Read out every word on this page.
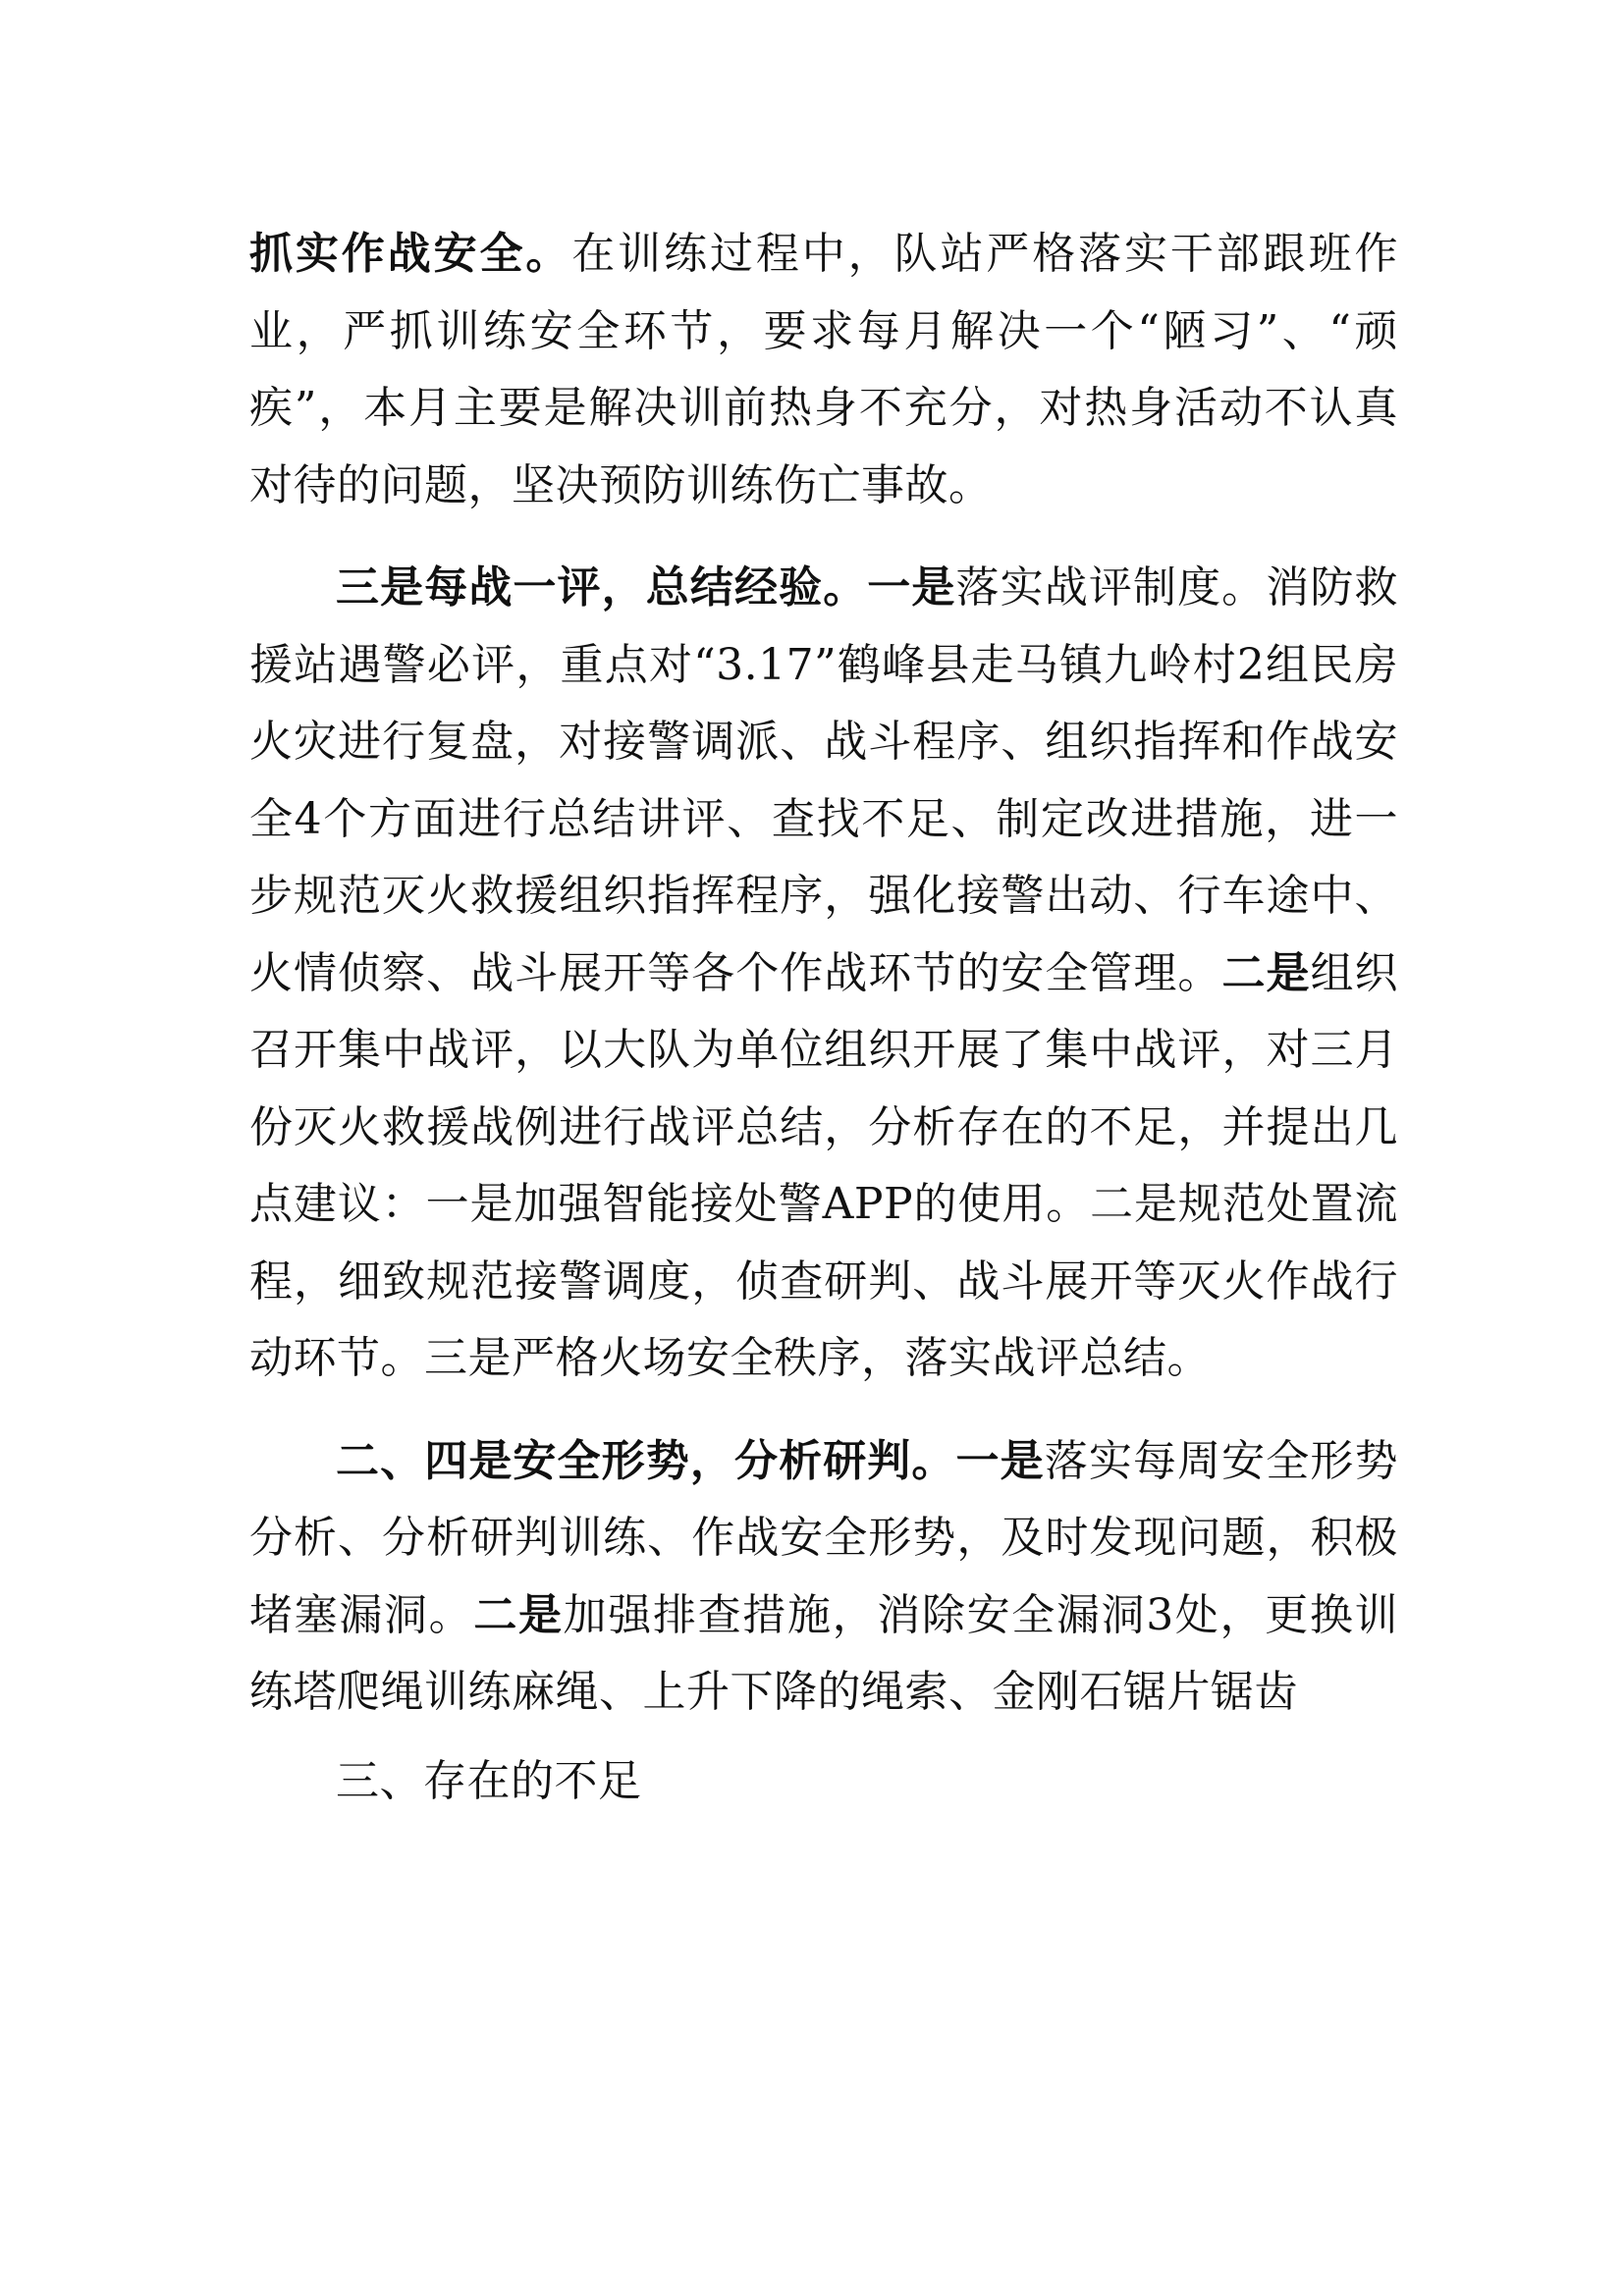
抓实作战安全。在训练过程中，队站严格落实干部跟班作业，严抓训练安全环节，要求每月解决一个“陋习”、“顽疾”，本月主要是解决训前热身不充分，对热身活动不认真对待的问题，坚决预防训练伤亡事故。

三是每战一评，总结经验。一是落实战评制度。消防救援站遇警必评，重点对“3.17”鹤峰县走马镇九岭村2组民房火灾进行复盘，对接警调派、战斗程序、组织指挥和作战安全4个方面进行总结讲评、查找不足、制定改进措施，进一步规范灭火救援组织指挥程序，强化接警出动、行车途中、火情侦察、战斗展开等各个作战环节的安全管理。二是组织召开集中战评，以大队为单位组织开展了集中战评，对三月份灭火救援战例进行战评总结，分析存在的不足，并提出几点建议：一是加强智能接处警APP的使用。二是规范处置流程，细致规范接警调度，侦查研判、战斗展开等灭火作战行动环节。三是严格火场安全秩序，落实战评总结。

二、四是安全形势，分析研判。一是落实每周安全形势分析、分析研判训练、作战安全形势，及时发现问题，积极堵塞漏洞。二是加强排查措施，消除安全漏洞3处，更换训练塔爬绳训练麻绳、上升下降的绳索、金刚石锯片锯齿

三、存在的不足
